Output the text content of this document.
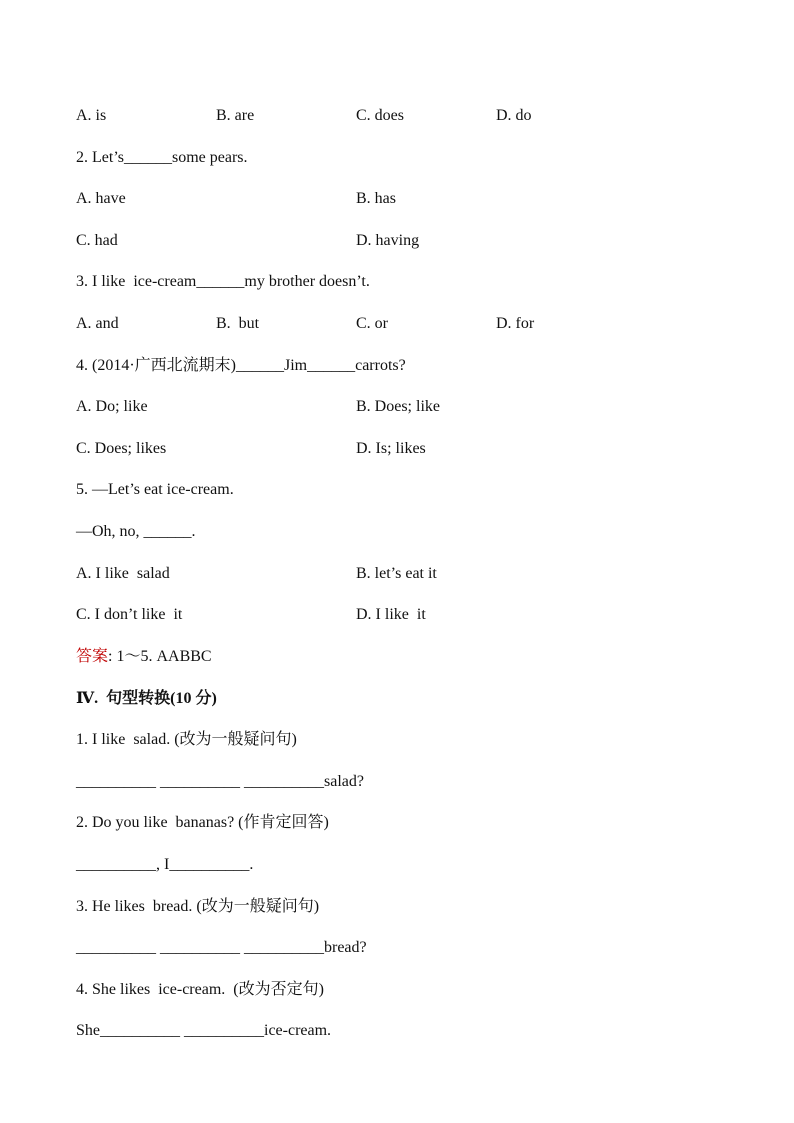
A. is	B. are	C. does	D. do
2. Let’s______some pears.
A. have	B. has
C. had	D. having
3. I like  ice-cream______my brother doesn’t.
A. and	B.  but	C. or	D. for
4. (2014·广西北流期末)______Jim______carrots?
A. Do; like	B. Does; like
C. Does; likes	D. Is; likes
5. —Let’s eat ice-cream.
—Oh, no, ______.
A. I like  salad	B. let’s eat it
C. I don’t like  it	D. I like  it
答案: 1～5. AABBC
Ⅳ.  句型转换(10 分)
1. I like  salad. (改为一般疑问句)
__________ __________ __________salad?
2. Do you like  bananas? (作肯定回答)
__________, I__________.
3. He likes  bread. (改为一般疑问句)
__________ __________ __________bread?
4. She likes  ice-cream.  (改为否定句)
She__________ __________ice-cream.
